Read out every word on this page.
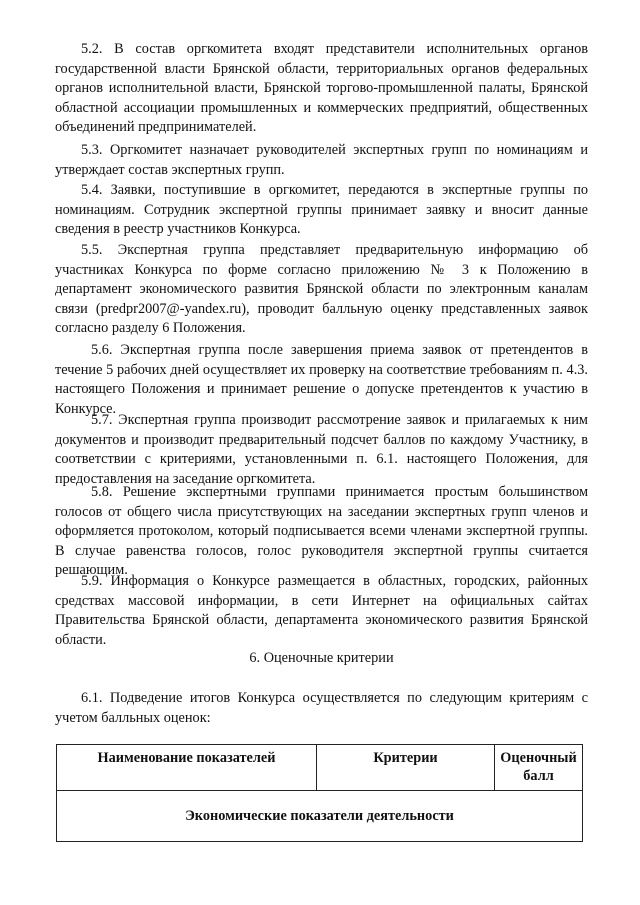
5.2. В состав оргкомитета входят представители исполнительных органов государственной власти Брянской области, территориальных органов федеральных органов исполнительной власти, Брянской торгово-промышленной палаты, Брянской областной ассоциации промышленных и коммерческих предприятий, общественных объединений предпринимателей.

5.3. Оргкомитет назначает руководителей экспертных групп по номинациям и утверждает состав экспертных групп.

5.4. Заявки, поступившие в оргкомитет, передаются в экспертные группы по номинациям. Сотрудник экспертной группы принимает заявку и вносит данные сведения в реестр участников Конкурса.

5.5. Экспертная группа представляет предварительную информацию об участниках Конкурса по форме согласно приложению № 3 к Положению в департамент экономического развития Брянской области по электронным каналам связи (predpr2007@-yandex.ru), проводит балльную оценку представленных заявок согласно разделу 6 Положения.

5.6. Экспертная группа после завершения приема заявок от претендентов в течение 5 рабочих дней осуществляет их проверку на соответствие требованиям п. 4.3. настоящего Положения и принимает решение о допуске претендентов к участию в Конкурсе.

5.7. Экспертная группа производит рассмотрение заявок и прилагаемых к ним документов и производит предварительный подсчет баллов по каждому Участнику, в соответствии с критериями, установленными п. 6.1. настоящего Положения, для предоставления на заседание оргкомитета.

5.8. Решение экспертными группами принимается простым большинством голосов от общего числа присутствующих на заседании экспертных групп членов и оформляется протоколом, который подписывается всеми членами экспертной группы. В случае равенства голосов, голос руководителя экспертной группы считается решающим.

5.9. Информация о Конкурсе размещается в областных, городских, районных средствах массовой информации, в сети Интернет на официальных сайтах Правительства Брянской области, департамента экономического развития Брянской области.

6. Оценочные критерии

6.1. Подведение итогов Конкурса осуществляется по следующим критериям с учетом балльных оценок:

Наименование показателей	Критерии	Оценочный балл
Экономические показатели деятельности
